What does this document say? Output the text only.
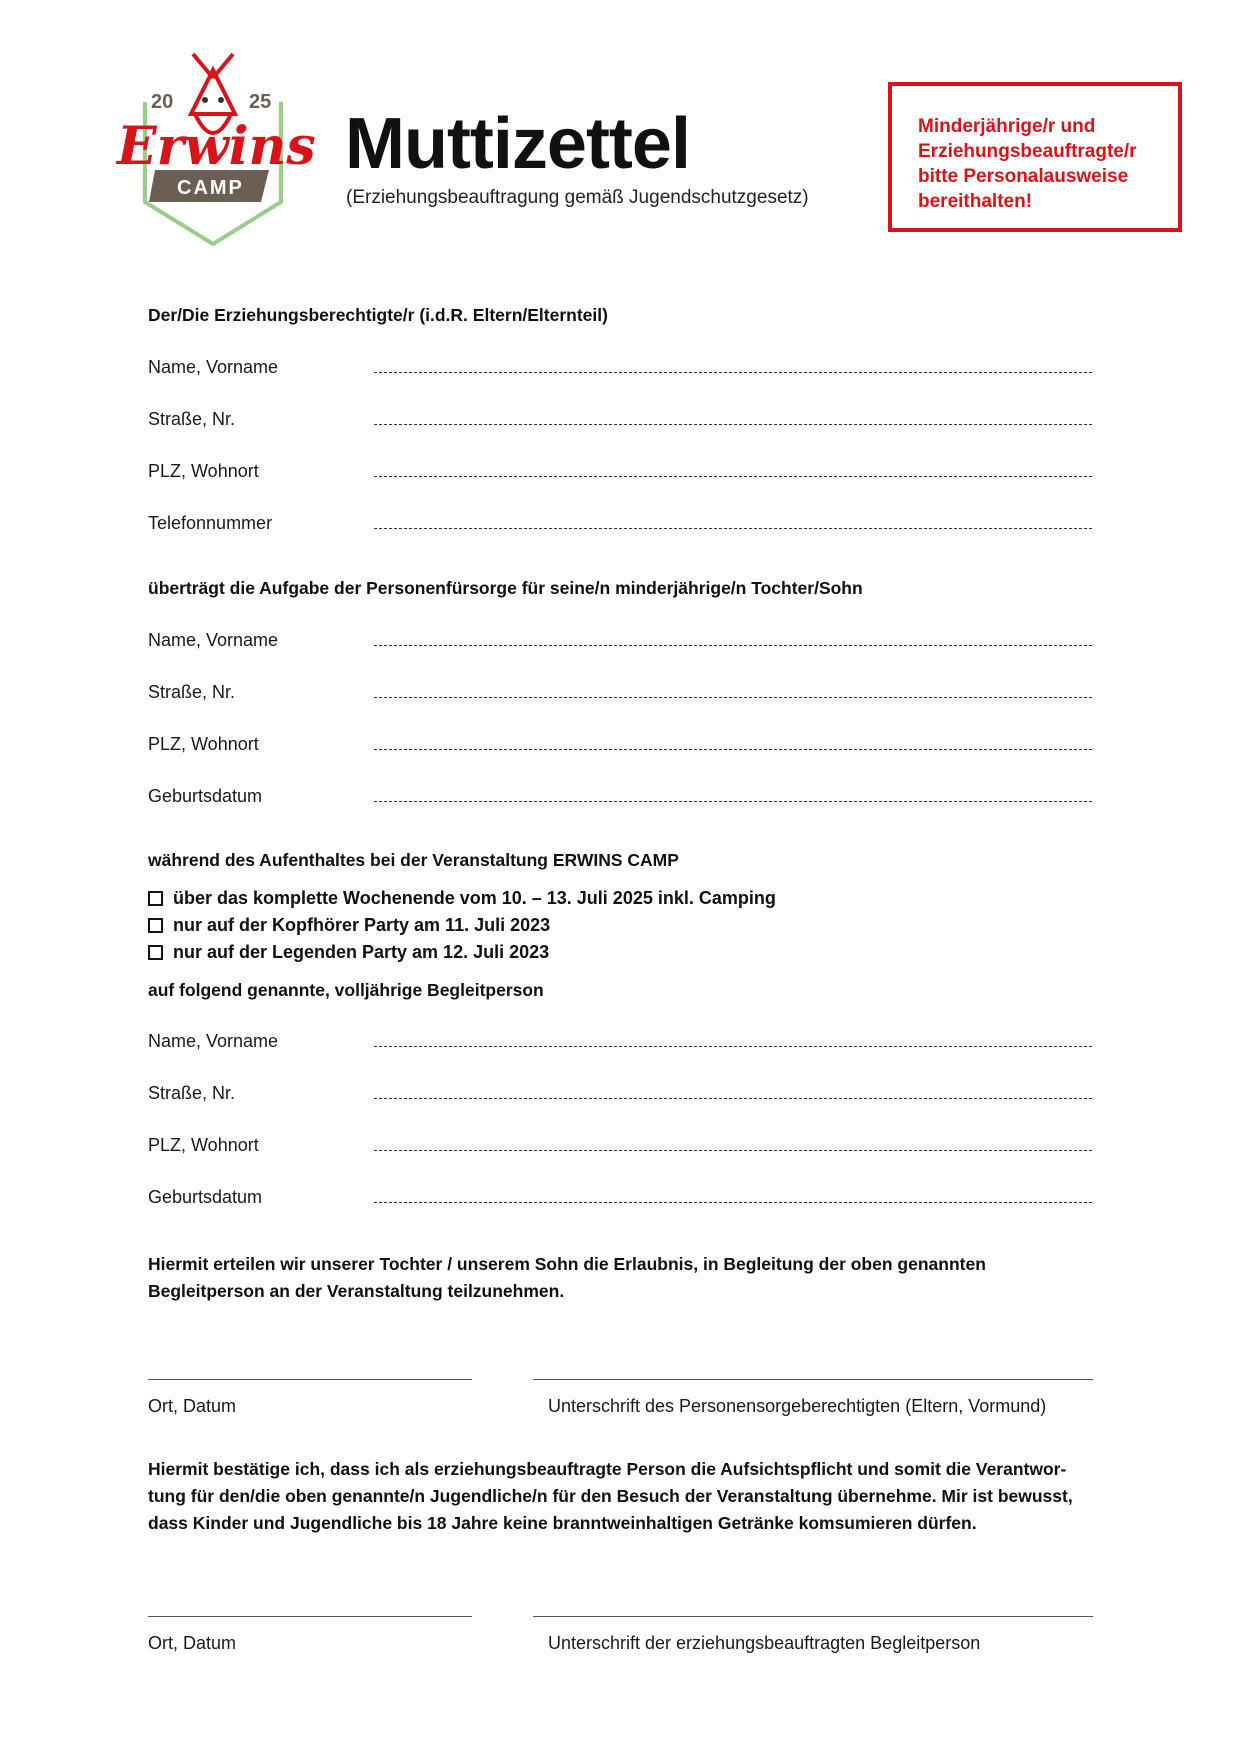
20	25
Erwins
CAMP
Muttizettel
(Erziehungsbeauftragung gemäß Jugendschutzgesetz)
Minderjährige/r und
Erziehungsbeauftragte/r
bitte Personalausweise
bereithalten!
Der/Die Erziehungsberechtigte/r (i.d.R. Eltern/Elternteil)
Name, Vorname
Straße, Nr.
PLZ, Wohnort
Telefonnummer
überträgt die Aufgabe der Personenfürsorge für seine/n minderjährige/n Tochter/Sohn
Name, Vorname
Straße, Nr.
PLZ, Wohnort
Geburtsdatum
während des Aufenthaltes bei der Veranstaltung ERWINS CAMP
über das komplette Wochenende vom 10. – 13. Juli 2025 inkl. Camping
nur auf der Kopfhörer Party am 11. Juli 2023
nur auf der Legenden Party am 12. Juli 2023
auf folgend genannte, volljährige Begleitperson
Name, Vorname
Straße, Nr.
PLZ, Wohnort
Geburtsdatum
Hiermit erteilen wir unserer Tochter / unserem Sohn die Erlaubnis, in Begleitung der oben genannten
Begleitperson an der Veranstaltung teilzunehmen.
Ort, Datum	Unterschrift des Personensorgeberechtigten (Eltern, Vormund)
Hiermit bestätige ich, dass ich als erziehungsbeauftragte Person die Aufsichtspflicht und somit die Verantwor-
tung für den/die oben genannte/n Jugendliche/n für den Besuch der Veranstaltung übernehme. Mir ist bewusst,
dass Kinder und Jugendliche bis 18 Jahre keine branntweinhaltigen Getränke komsumieren dürfen.
Ort, Datum	Unterschrift der erziehungsbeauftragten Begleitperson
